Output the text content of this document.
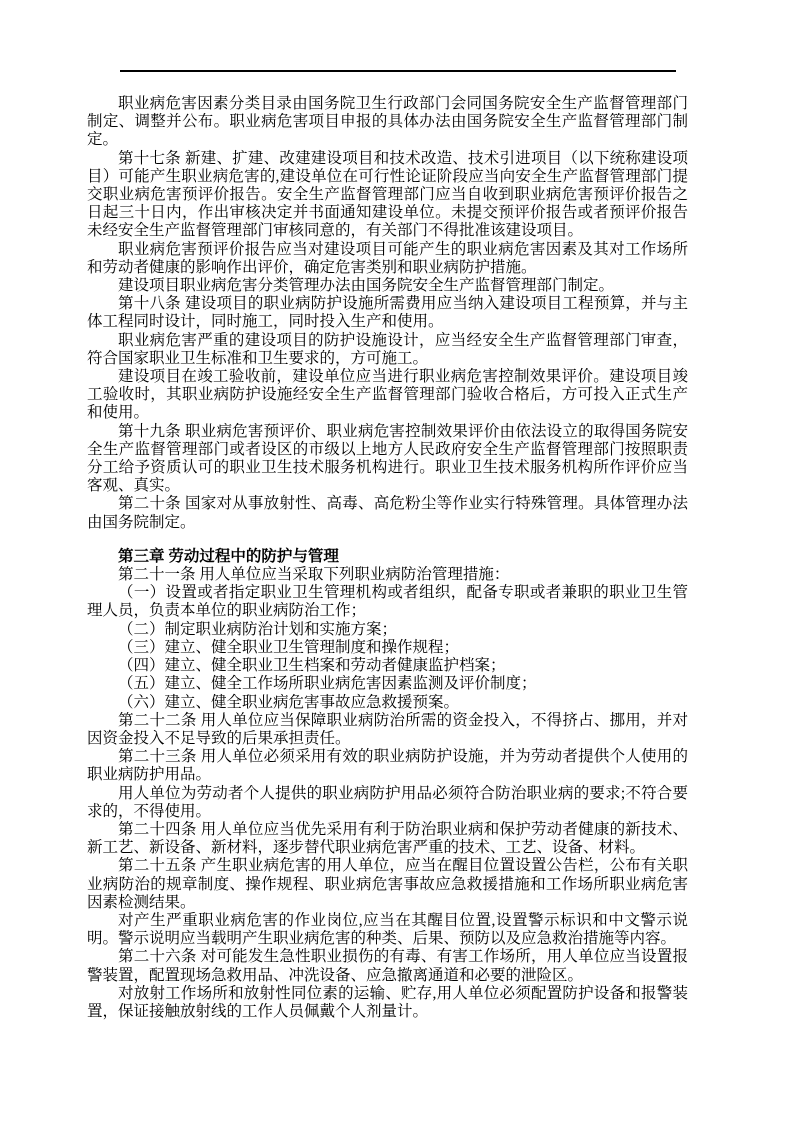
职业病危害因素分类目录由国务院卫生行政部门会同国务院安全生产监督管理部门制定、调整并公布。职业病危害项目申报的具体办法由国务院安全生产监督管理部门制定。

第十七条 新建、扩建、改建建设项目和技术改造、技术引进项目（以下统称建设项目）可能产生职业病危害的,建设单位在可行性论证阶段应当向安全生产监督管理部门提交职业病危害预评价报告。安全生产监督管理部门应当自收到职业病危害预评价报告之日起三十日内，作出审核决定并书面通知建设单位。未提交预评价报告或者预评价报告未经安全生产监督管理部门审核同意的，有关部门不得批准该建设项目。

职业病危害预评价报告应当对建设项目可能产生的职业病危害因素及其对工作场所和劳动者健康的影响作出评价，确定危害类别和职业病防护措施。

建设项目职业病危害分类管理办法由国务院安全生产监督管理部门制定。

第十八条 建设项目的职业病防护设施所需费用应当纳入建设项目工程预算，并与主体工程同时设计，同时施工，同时投入生产和使用。

职业病危害严重的建设项目的防护设施设计，应当经安全生产监督管理部门审查，符合国家职业卫生标准和卫生要求的，方可施工。

建设项目在竣工验收前，建设单位应当进行职业病危害控制效果评价。建设项目竣工验收时，其职业病防护设施经安全生产监督管理部门验收合格后，方可投入正式生产和使用。

第十九条 职业病危害预评价、职业病危害控制效果评价由依法设立的取得国务院安全生产监督管理部门或者设区的市级以上地方人民政府安全生产监督管理部门按照职责分工给予资质认可的职业卫生技术服务机构进行。职业卫生技术服务机构所作评价应当客观、真实。

第二十条 国家对从事放射性、高毒、高危粉尘等作业实行特殊管理。具体管理办法由国务院制定。

第三章 劳动过程中的防护与管理

第二十一条 用人单位应当采取下列职业病防治管理措施：

（一）设置或者指定职业卫生管理机构或者组织，配备专职或者兼职的职业卫生管理人员，负责本单位的职业病防治工作；

（二）制定职业病防治计划和实施方案；

（三）建立、健全职业卫生管理制度和操作规程；

（四）建立、健全职业卫生档案和劳动者健康监护档案；

（五）建立、健全工作场所职业病危害因素监测及评价制度；

（六）建立、健全职业病危害事故应急救援预案。

第二十二条 用人单位应当保障职业病防治所需的资金投入，不得挤占、挪用，并对因资金投入不足导致的后果承担责任。

第二十三条 用人单位必须采用有效的职业病防护设施，并为劳动者提供个人使用的职业病防护用品。

用人单位为劳动者个人提供的职业病防护用品必须符合防治职业病的要求;不符合要求的，不得使用。

第二十四条 用人单位应当优先采用有利于防治职业病和保护劳动者健康的新技术、新工艺、新设备、新材料，逐步替代职业病危害严重的技术、工艺、设备、材料。

第二十五条 产生职业病危害的用人单位，应当在醒目位置设置公告栏，公布有关职业病防治的规章制度、操作规程、职业病危害事故应急救援措施和工作场所职业病危害因素检测结果。

对产生严重职业病危害的作业岗位,应当在其醒目位置,设置警示标识和中文警示说明。警示说明应当载明产生职业病危害的种类、后果、预防以及应急救治措施等内容。

第二十六条 对可能发生急性职业损伤的有毒、有害工作场所，用人单位应当设置报警装置，配置现场急救用品、冲洗设备、应急撤离通道和必要的泄险区。

对放射工作场所和放射性同位素的运输、贮存,用人单位必须配置防护设备和报警装置，保证接触放射线的工作人员佩戴个人剂量计。
